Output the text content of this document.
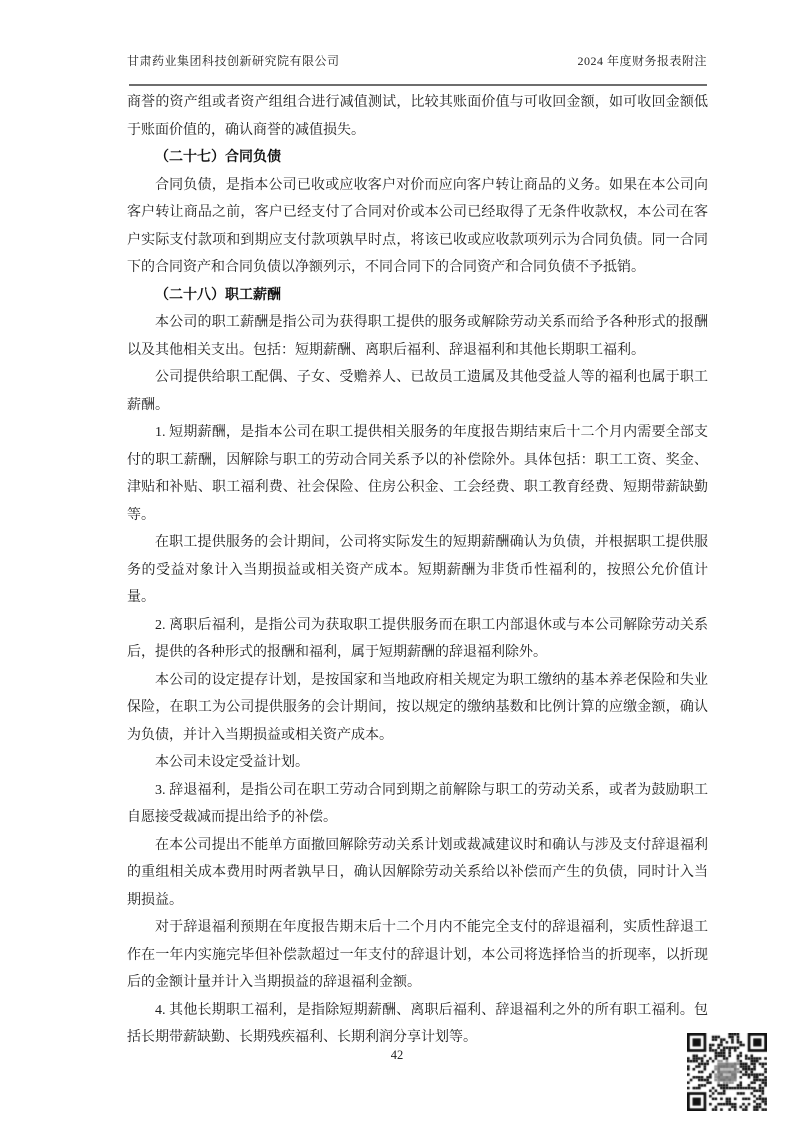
甘肃药业集团科技创新研究院有限公司	2024 年度财务报表附注

商誉的资产组或者资产组组合进行减值测试，比较其账面价值与可收回金额，如可收回金额低于账面价值的，确认商誉的减值损失。

（二十七）合同负债

合同负债，是指本公司已收或应收客户对价而应向客户转让商品的义务。如果在本公司向客户转让商品之前，客户已经支付了合同对价或本公司已经取得了无条件收款权，本公司在客户实际支付款项和到期应支付款项孰早时点，将该已收或应收款项列示为合同负债。同一合同下的合同资产和合同负债以净额列示，不同合同下的合同资产和合同负债不予抵销。

（二十八）职工薪酬

本公司的职工薪酬是指公司为获得职工提供的服务或解除劳动关系而给予各种形式的报酬以及其他相关支出。包括：短期薪酬、离职后福利、辞退福利和其他长期职工福利。

公司提供给职工配偶、子女、受赡养人、已故员工遗属及其他受益人等的福利也属于职工薪酬。

1. 短期薪酬，是指本公司在职工提供相关服务的年度报告期结束后十二个月内需要全部支付的职工薪酬，因解除与职工的劳动合同关系予以的补偿除外。具体包括：职工工资、奖金、津贴和补贴、职工福利费、社会保险、住房公积金、工会经费、职工教育经费、短期带薪缺勤等。

在职工提供服务的会计期间，公司将实际发生的短期薪酬确认为负债，并根据职工提供服务的受益对象计入当期损益或相关资产成本。短期薪酬为非货币性福利的，按照公允价值计量。

2. 离职后福利，是指公司为获取职工提供服务而在职工内部退休或与本公司解除劳动关系后，提供的各种形式的报酬和福利，属于短期薪酬的辞退福利除外。

本公司的设定提存计划，是按国家和当地政府相关规定为职工缴纳的基本养老保险和失业保险，在职工为公司提供服务的会计期间，按以规定的缴纳基数和比例计算的应缴金额，确认为负债，并计入当期损益或相关资产成本。

本公司未设定受益计划。

3. 辞退福利，是指公司在职工劳动合同到期之前解除与职工的劳动关系，或者为鼓励职工自愿接受裁减而提出给予的补偿。

在本公司提出不能单方面撤回解除劳动关系计划或裁减建议时和确认与涉及支付辞退福利的重组相关成本费用时两者孰早日，确认因解除劳动关系给以补偿而产生的负债，同时计入当期损益。

对于辞退福利预期在年度报告期末后十二个月内不能完全支付的辞退福利，实质性辞退工作在一年内实施完毕但补偿款超过一年支付的辞退计划，本公司将选择恰当的折现率，以折现后的金额计量并计入当期损益的辞退福利金额。

4. 其他长期职工福利，是指除短期薪酬、离职后福利、辞退福利之外的所有职工福利。包括长期带薪缺勤、长期残疾福利、长期利润分享计划等。

42
